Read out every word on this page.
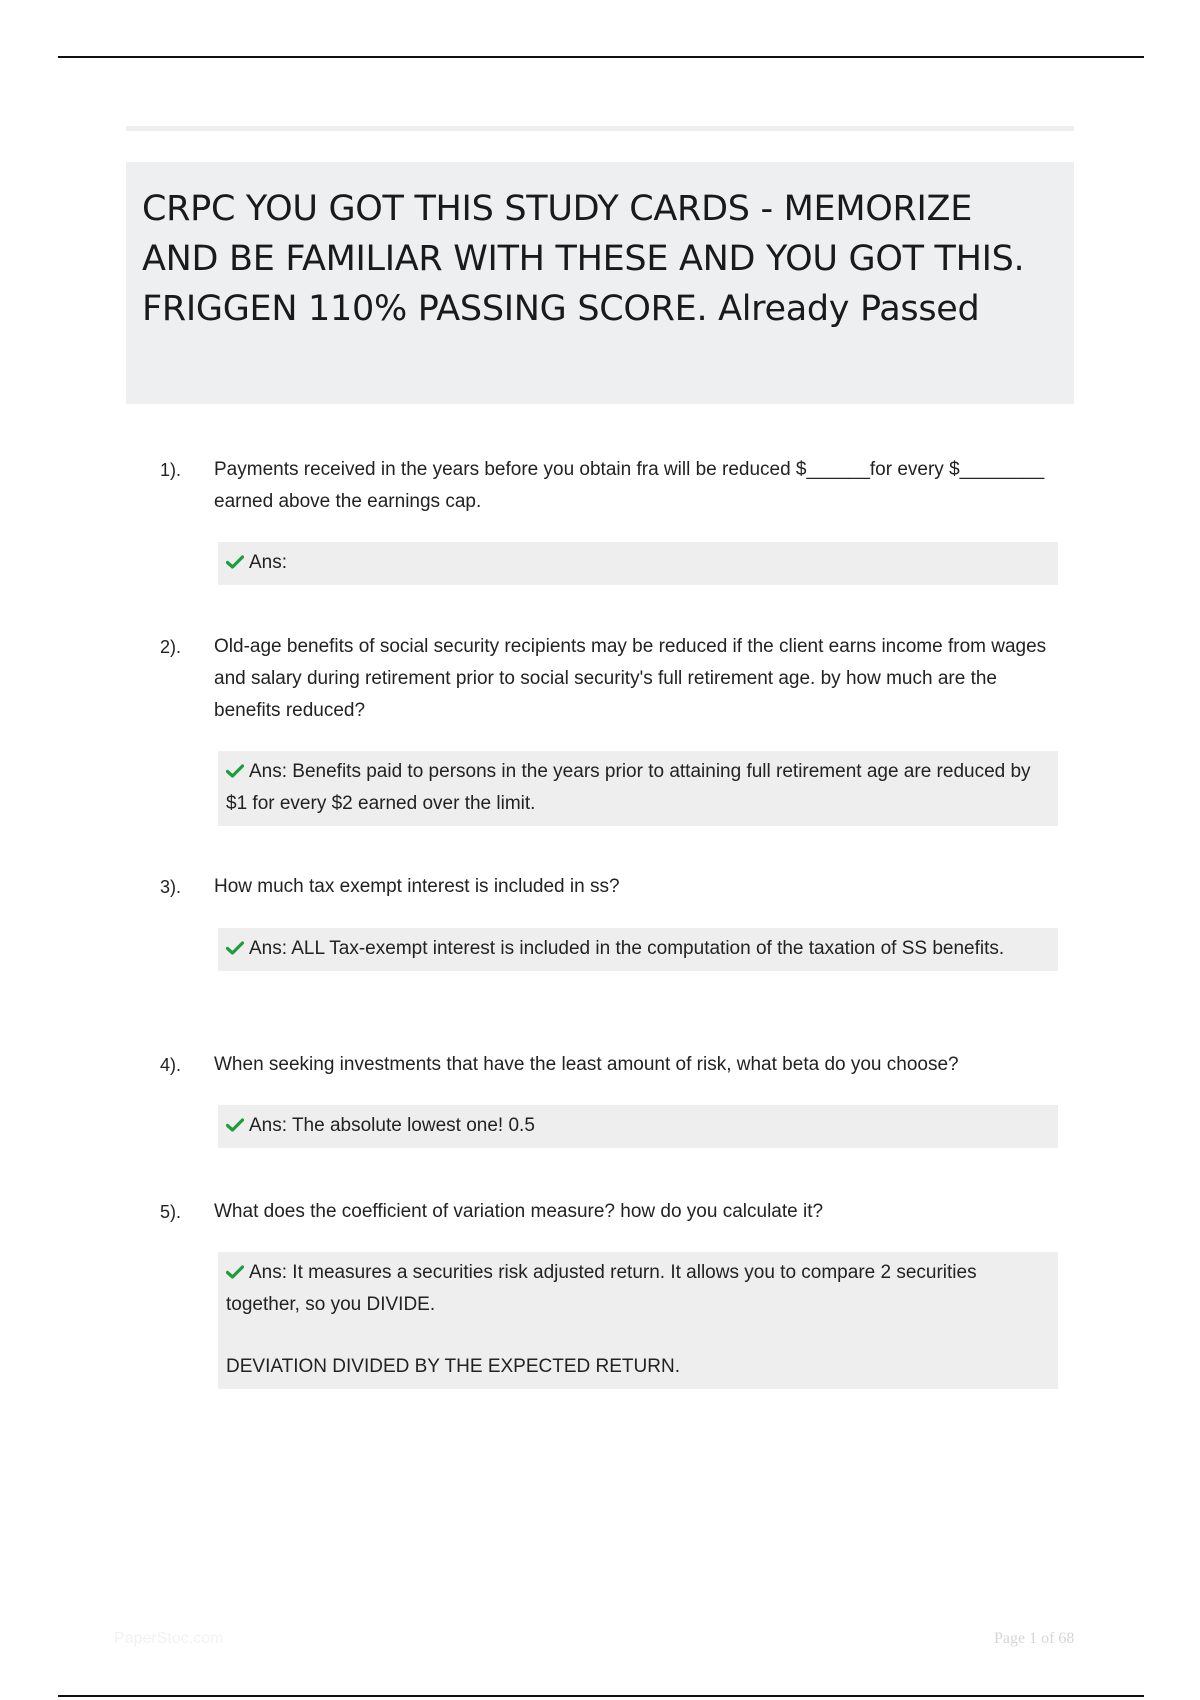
CRPC YOU GOT THIS STUDY CARDS - MEMORIZE AND BE FAMILIAR WITH THESE AND YOU GOT THIS. FRIGGEN 110% PASSING SCORE. Already Passed
1). Payments received in the years before you obtain fra will be reduced $______for every $________ earned above the earnings cap.
Ans:
2). Old-age benefits of social security recipients may be reduced if the client earns income from wages and salary during retirement prior to social security's full retirement age. by how much are the benefits reduced?
Ans: Benefits paid to persons in the years prior to attaining full retirement age are reduced by $1 for every $2 earned over the limit.
3). How much tax exempt interest is included in ss?
Ans: ALL Tax-exempt interest is included in the computation of the taxation of SS benefits.
4). When seeking investments that have the least amount of risk, what beta do you choose?
Ans: The absolute lowest one! 0.5
5). What does the coefficient of variation measure? how do you calculate it?
Ans: It measures a securities risk adjusted return. It allows you to compare 2 securities together, so you DIVIDE.
DEVIATION DIVIDED BY THE EXPECTED RETURN.
PaperStoc.com	Page 1 of 68
